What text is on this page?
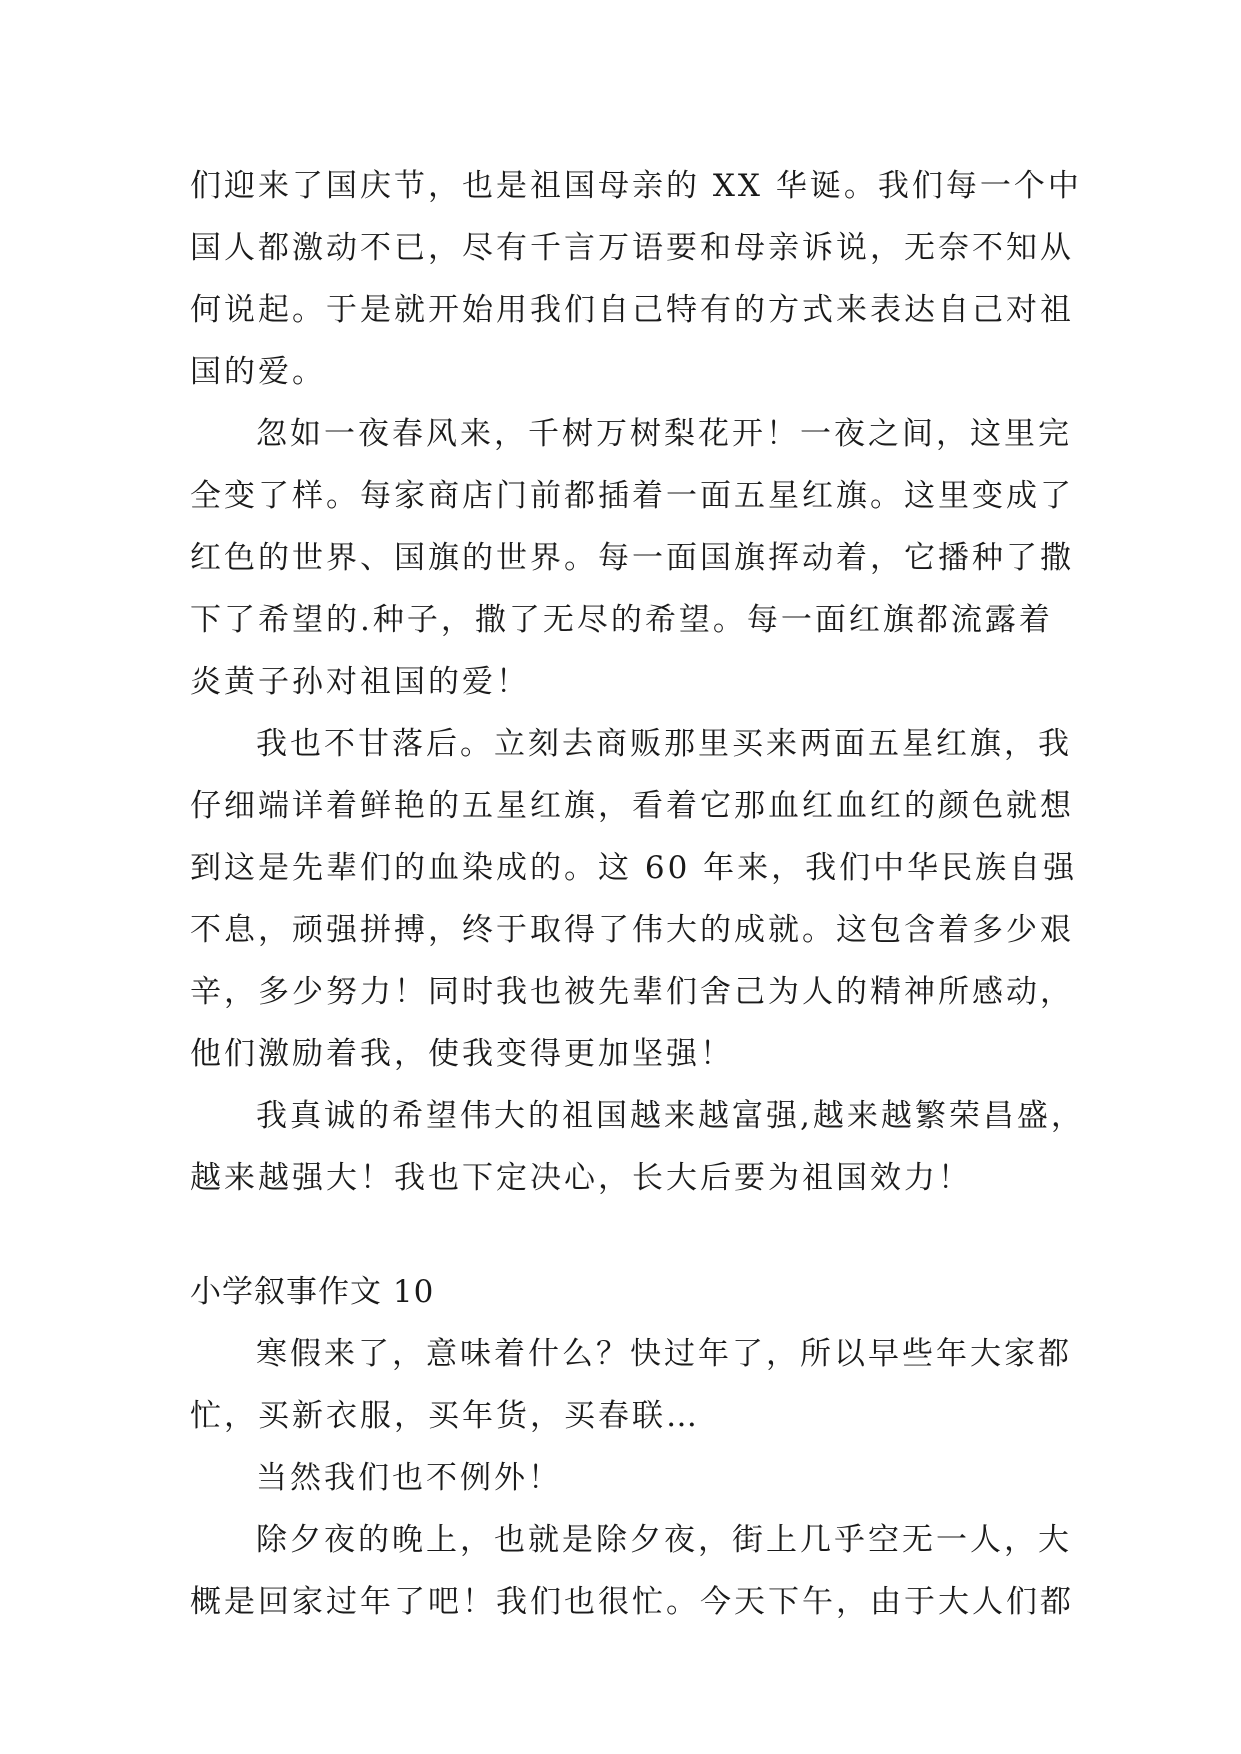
们迎来了国庆节，也是祖国母亲的 XX 华诞。我们每一个中
国人都激动不已，尽有千言万语要和母亲诉说，无奈不知从
何说起。于是就开始用我们自己特有的方式来表达自己对祖
国的爱。
忽如一夜春风来，千树万树梨花开！一夜之间，这里完
全变了样。每家商店门前都插着一面五星红旗。这里变成了
红色的世界、国旗的世界。每一面国旗挥动着，它播种了撒
下了希望的.种子，撒了无尽的希望。每一面红旗都流露着
炎黄子孙对祖国的爱！
我也不甘落后。立刻去商贩那里买来两面五星红旗，我
仔细端详着鲜艳的五星红旗，看着它那血红血红的颜色就想
到这是先辈们的血染成的。这 60 年来，我们中华民族自强
不息，顽强拼搏，终于取得了伟大的成就。这包含着多少艰
辛，多少努力！同时我也被先辈们舍己为人的精神所感动，
他们激励着我，使我变得更加坚强！
我真诚的希望伟大的祖国越来越富强,越来越繁荣昌盛，
越来越强大！我也下定决心，长大后要为祖国效力！
小学叙事作文 10
寒假来了，意味着什么？快过年了，所以早些年大家都
忙，买新衣服，买年货，买春联…
当然我们也不例外！
除夕夜的晚上，也就是除夕夜，街上几乎空无一人，大
概是回家过年了吧！我们也很忙。今天下午，由于大人们都
